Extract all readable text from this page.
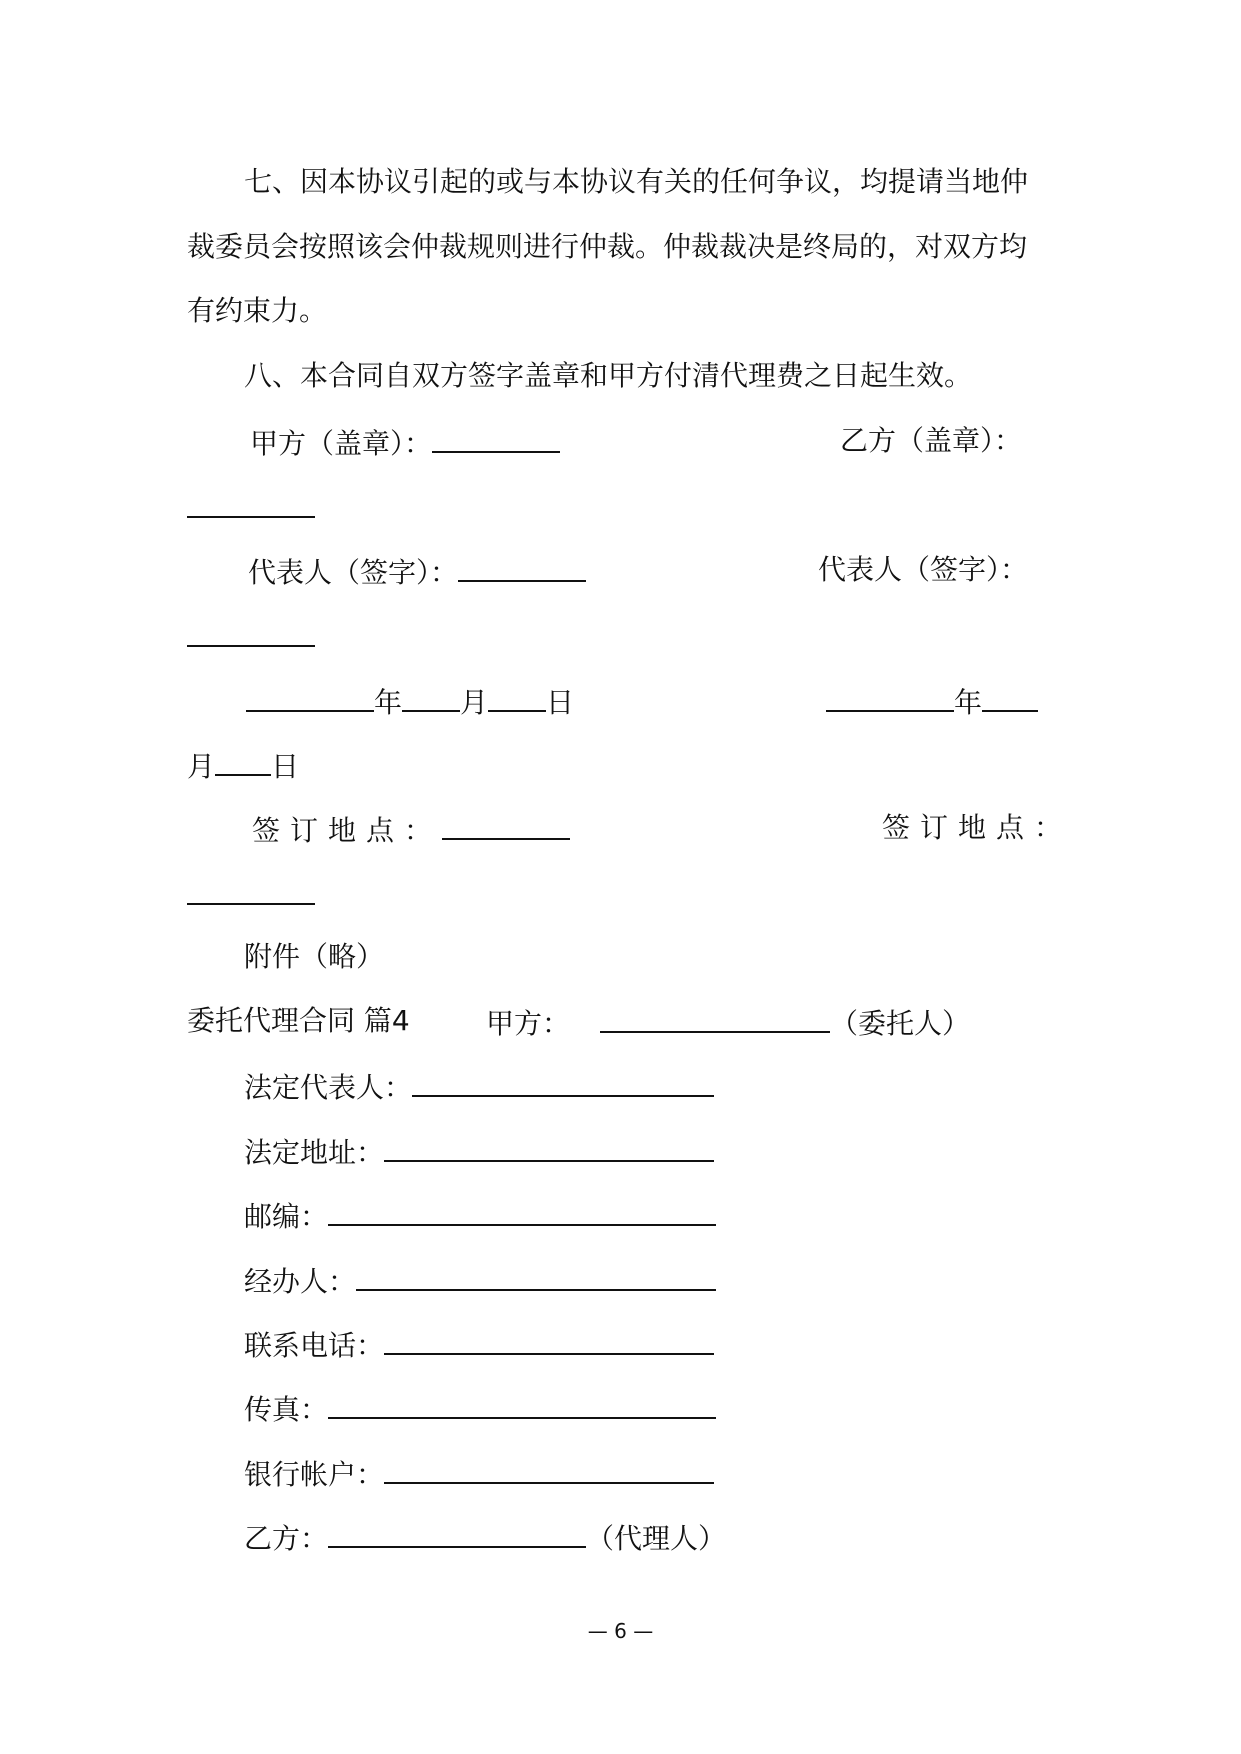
七、因本协议引起的或与本协议有关的任何争议，均提请当地仲
裁委员会按照该会仲裁规则进行仲裁。仲裁裁决是终局的，对双方均
有约束力。
八、本合同自双方签字盖章和甲方付清代理费之日起生效。
甲方（盖章）：	乙方（盖章）：
代表人（签字）：	代表人（签字）：
年 月 日	年
月 日
签订地点：	签订地点：
附件（略）
委托代理合同 篇4	甲方：	（委托人）
法定代表人：
法定地址：
邮编：
经办人：
联系电话：
传真：
银行帐户：
乙方：	（代理人）
— 6 —
